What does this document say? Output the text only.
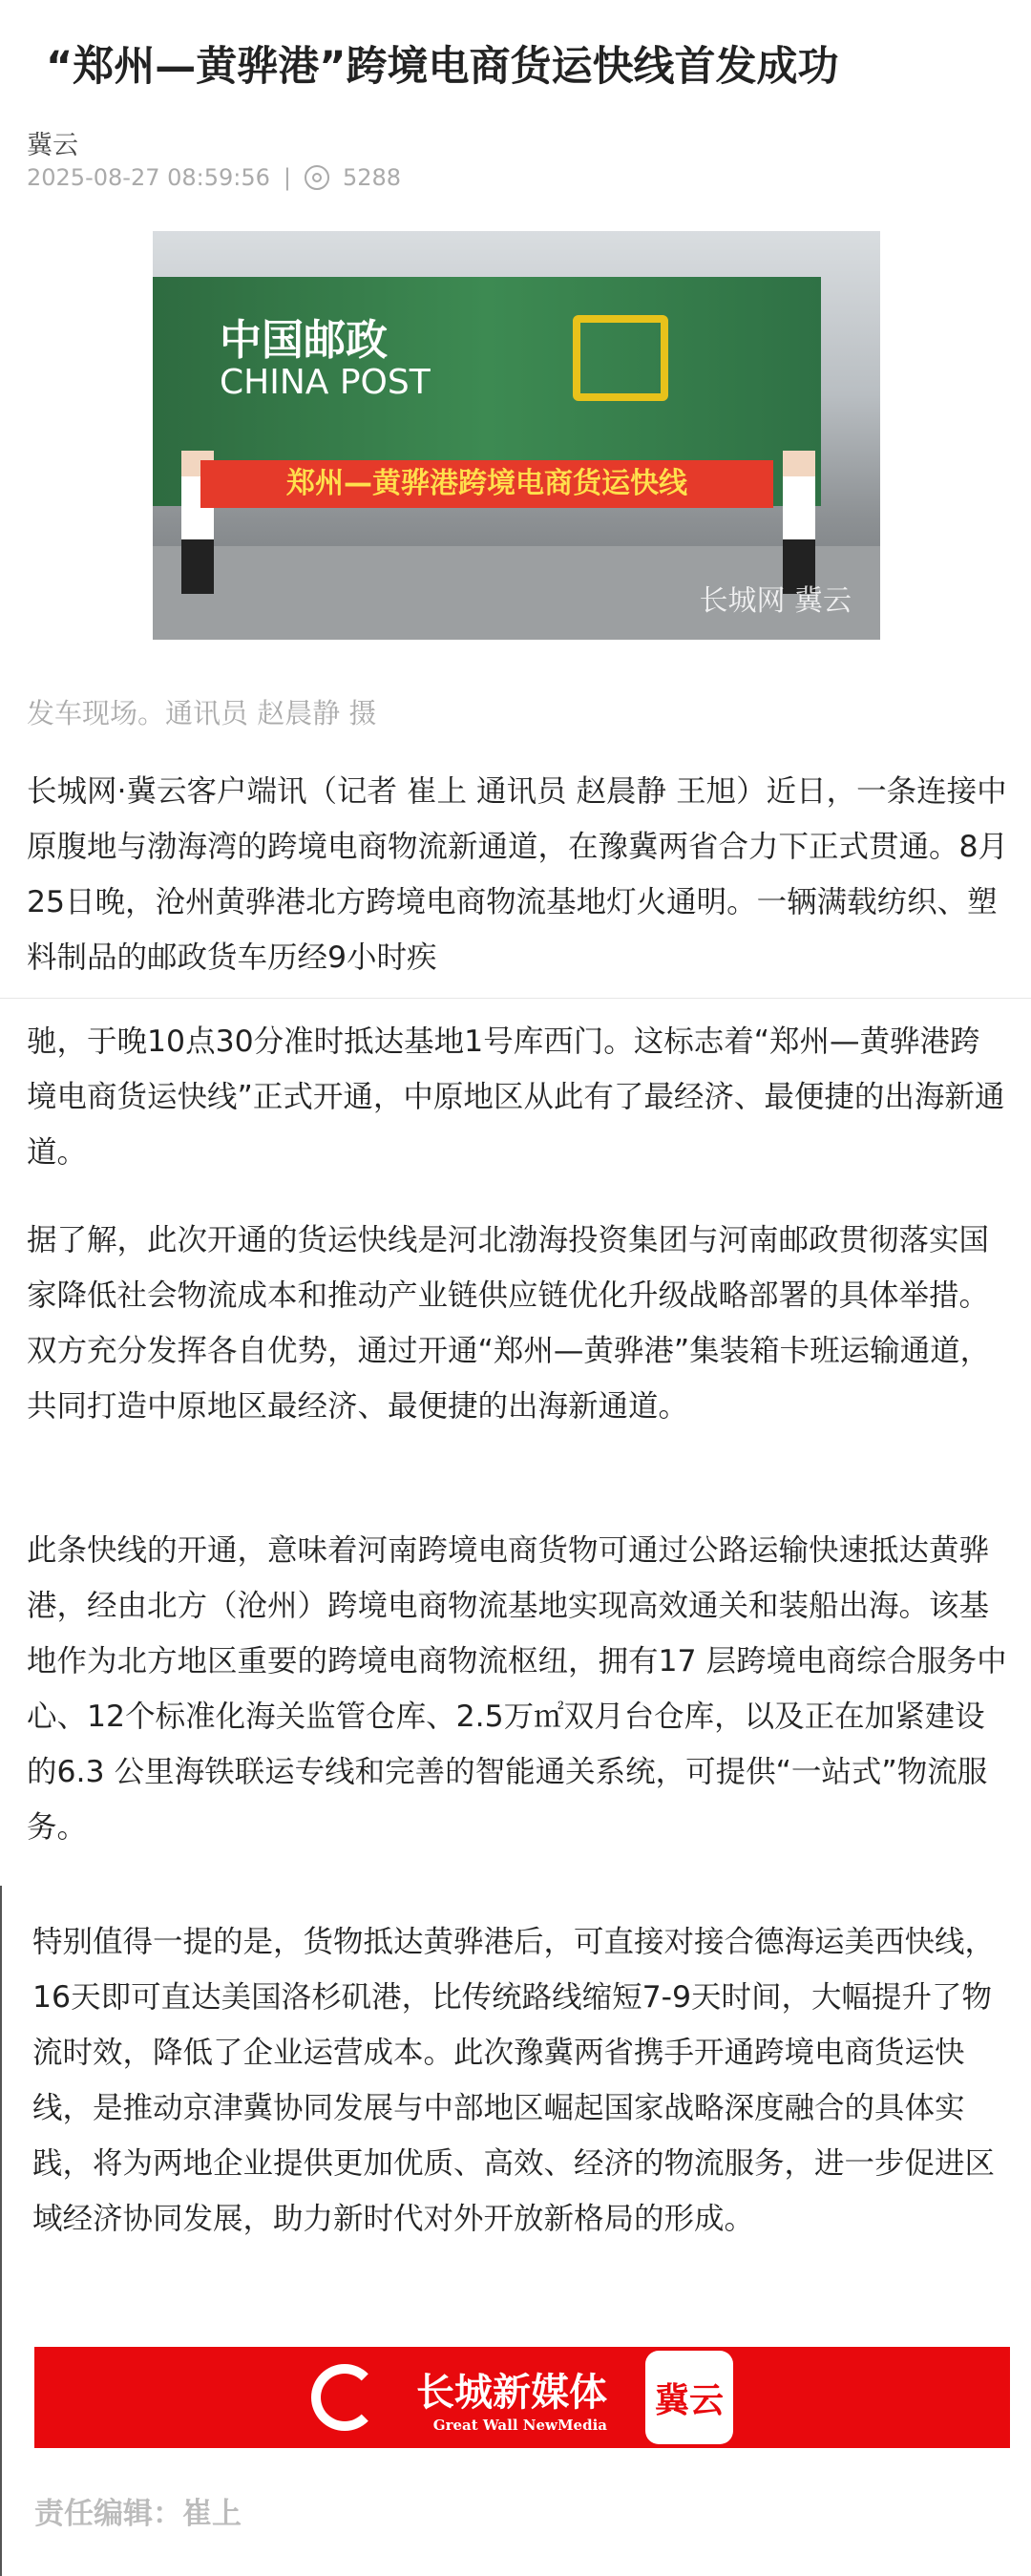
“郑州—黄骅港”跨境电商货运快线首发成功
冀云
2025-08-27 08:59:56 | 5288
中国邮政
CHINA POST
郑州—黄骅港跨境电商货运快线
长城网 冀云
发车现场。通讯员 赵晨静 摄

长城网·冀云客户端讯（记者 崔上 通讯员 赵晨静 王旭）近日，一条连接中原腹地与渤海湾的跨境电商物流新通道，在豫冀两省合力下正式贯通。8月25日晚，沧州黄骅港北方跨境电商物流基地灯火通明。一辆满载纺织、塑料制品的邮政货车历经9小时疾

驰，于晚10点30分准时抵达基地1号库西门。这标志着“郑州—黄骅港跨境电商货运快线”正式开通，中原地区从此有了最经济、最便捷的出海新通道。

据了解，此次开通的货运快线是河北渤海投资集团与河南邮政贯彻落实国家降低社会物流成本和推动产业链供应链优化升级战略部署的具体举措。双方充分发挥各自优势，通过开通“郑州—黄骅港”集装箱卡班运输通道，共同打造中原地区最经济、最便捷的出海新通道。

此条快线的开通，意味着河南跨境电商货物可通过公路运输快速抵达黄骅港，经由北方（沧州）跨境电商物流基地实现高效通关和装船出海。该基地作为北方地区重要的跨境电商物流枢纽，拥有17 层跨境电商综合服务中心、12个标准化海关监管仓库、2.5万㎡双月台仓库，以及正在加紧建设的6.3 公里海铁联运专线和完善的智能通关系统，可提供“一站式”物流服务。

特别值得一提的是，货物抵达黄骅港后，可直接对接合德海运美西快线，16天即可直达美国洛杉矶港，比传统路线缩短7-9天时间，大幅提升了物流时效，降低了企业运营成本。此次豫冀两省携手开通跨境电商货运快线，是推动京津冀协同发展与中部地区崛起国家战略深度融合的具体实践，将为两地企业提供更加优质、高效、经济的物流服务，进一步促进区域经济协同发展，助力新时代对外开放新格局的形成。

长城新媒体
Great Wall NewMedia
冀云
责任编辑：崔上
